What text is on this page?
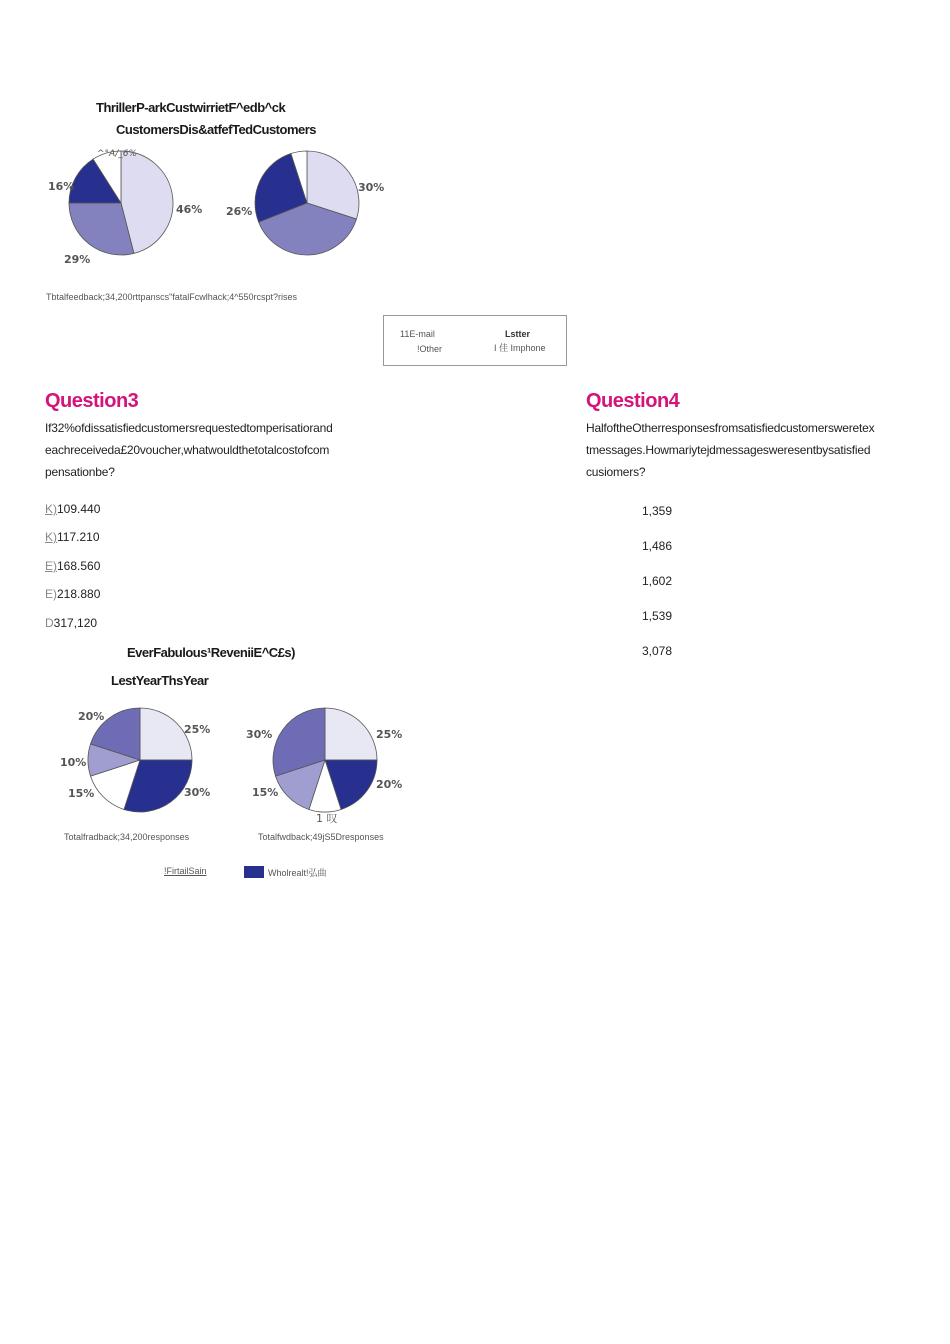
ThrillerP-arkCustwirrietF^edb^ck
CustomersDis&atfefTedCustomers
^°A/_6%
16%
46%
29%
26%
30%
Tbtalfeedback;34,200rttpanscs"fatalFcwlhack;4^550rcspt?rises
11E-mail
!Other
Lstter
I 佳 Imphone
Question3
If32%ofdissatisfiedcustomersrequestedtomperisatiorand
eachreceiveda£20voucher,whatwouldthetotalcostofcom
pensationbe?
K)109.440
K)117.210
E)168.560
E)218.880
D317,120
Question4
HalfoftheOtherresponsesfromsatisfiedcustomersweretex
tmessages.Howmariytejdmessagesweresentbysatisfied
cusiomers?
1,359
1,486
1,602
1,539
3,078
EverFabulous¹ReveniiE^C£s)
LestYearThsYear
20%
25%
10%
15%	30%
30%	25%
20%
15%
1 叹
Totalfradback;34,200responses	Totalfwdback;49jS5Dresponses
!FirtailSain	Wholrealt!弘曲
